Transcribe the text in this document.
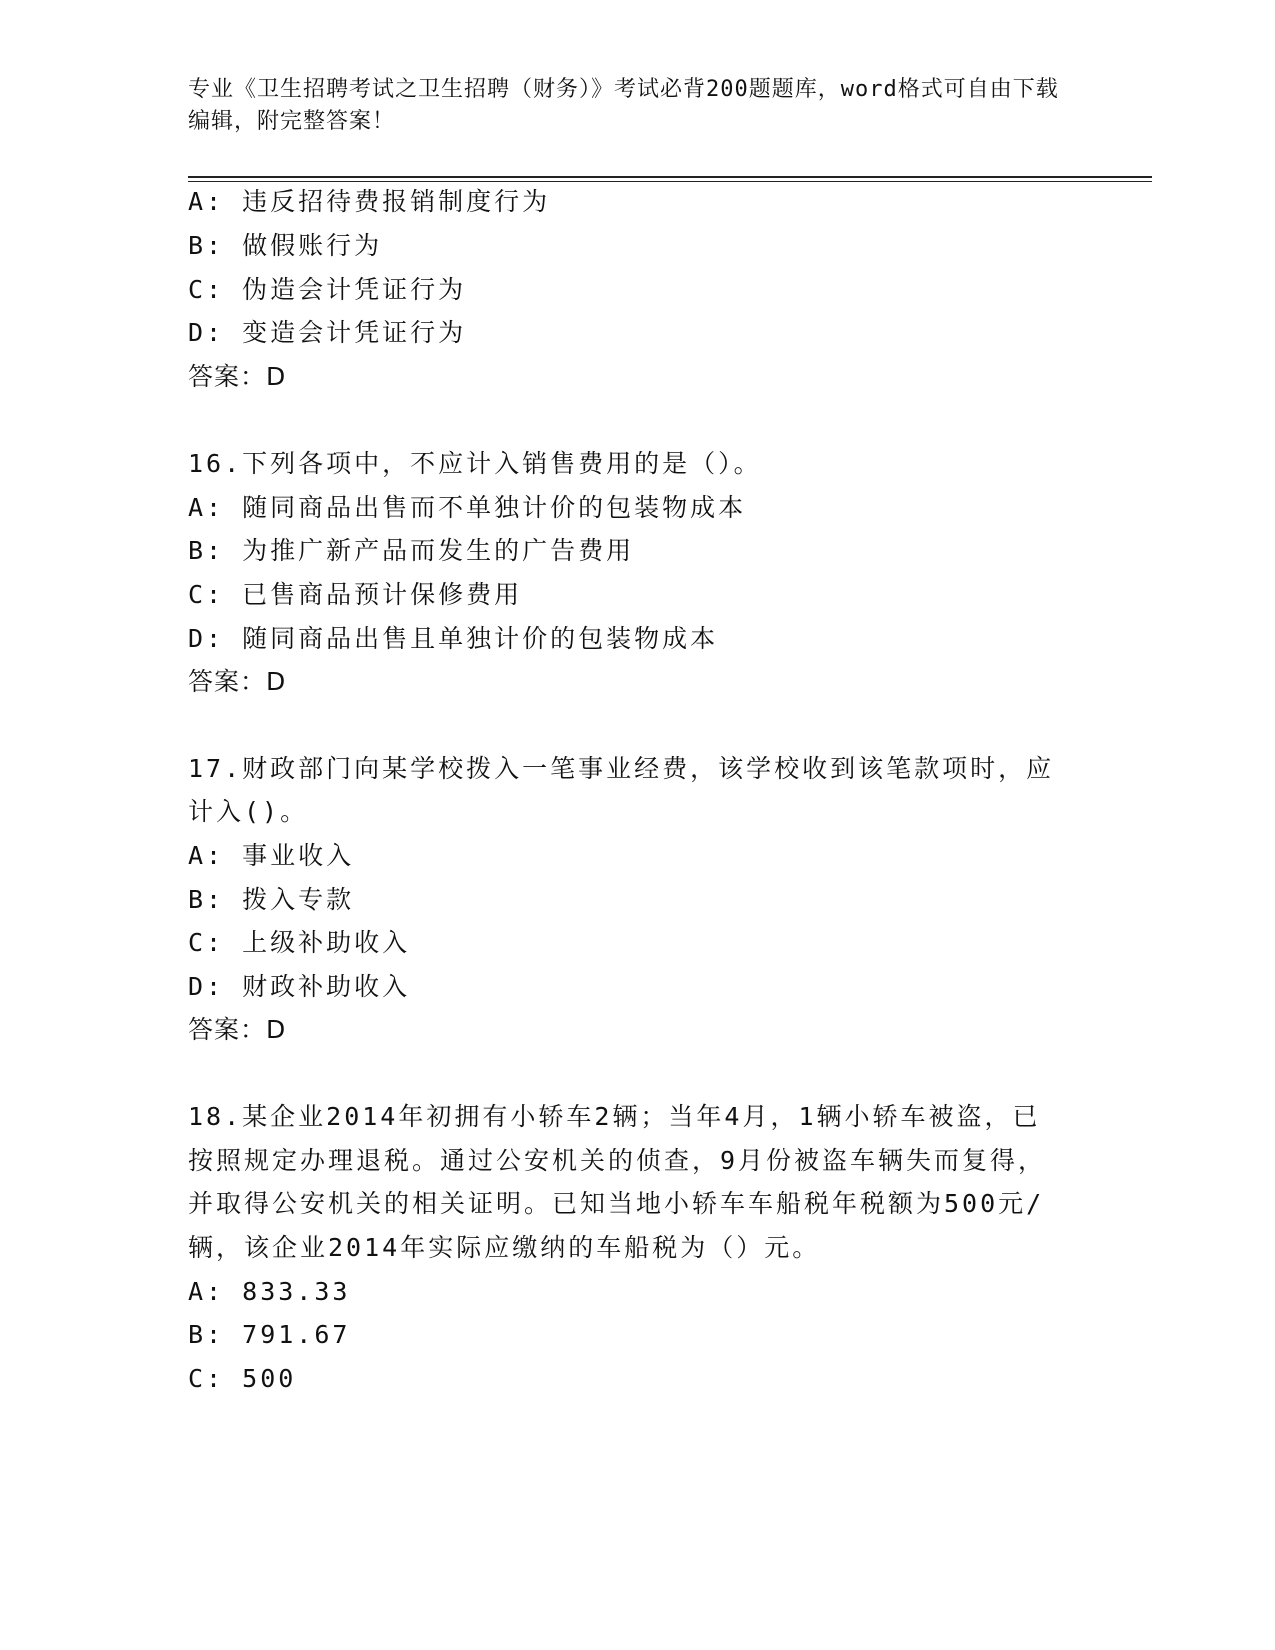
专业《卫生招聘考试之卫生招聘（财务）》考试必背200题题库，word格式可自由下载编辑，附完整答案！

A: 违反招待费报销制度行为

B: 做假账行为

C: 伪造会计凭证行为

D: 变造会计凭证行为

答案：D

16.下列各项中，不应计入销售费用的是（）。

A: 随同商品出售而不单独计价的包装物成本

B: 为推广新产品而发生的广告费用

C: 已售商品预计保修费用

D: 随同商品出售且单独计价的包装物成本

答案：D

17.财政部门向某学校拨入一笔事业经费，该学校收到该笔款项时，应

计入()。

A: 事业收入

B: 拨入专款

C: 上级补助收入

D: 财政补助收入

答案：D

18.某企业2014年初拥有小轿车2辆；当年4月，1辆小轿车被盗，已

按照规定办理退税。通过公安机关的侦查，9月份被盗车辆失而复得，

并取得公安机关的相关证明。已知当地小轿车车船税年税额为500元/

辆，该企业2014年实际应缴纳的车船税为（）元。

A: 833.33

B: 791.67

C: 500
